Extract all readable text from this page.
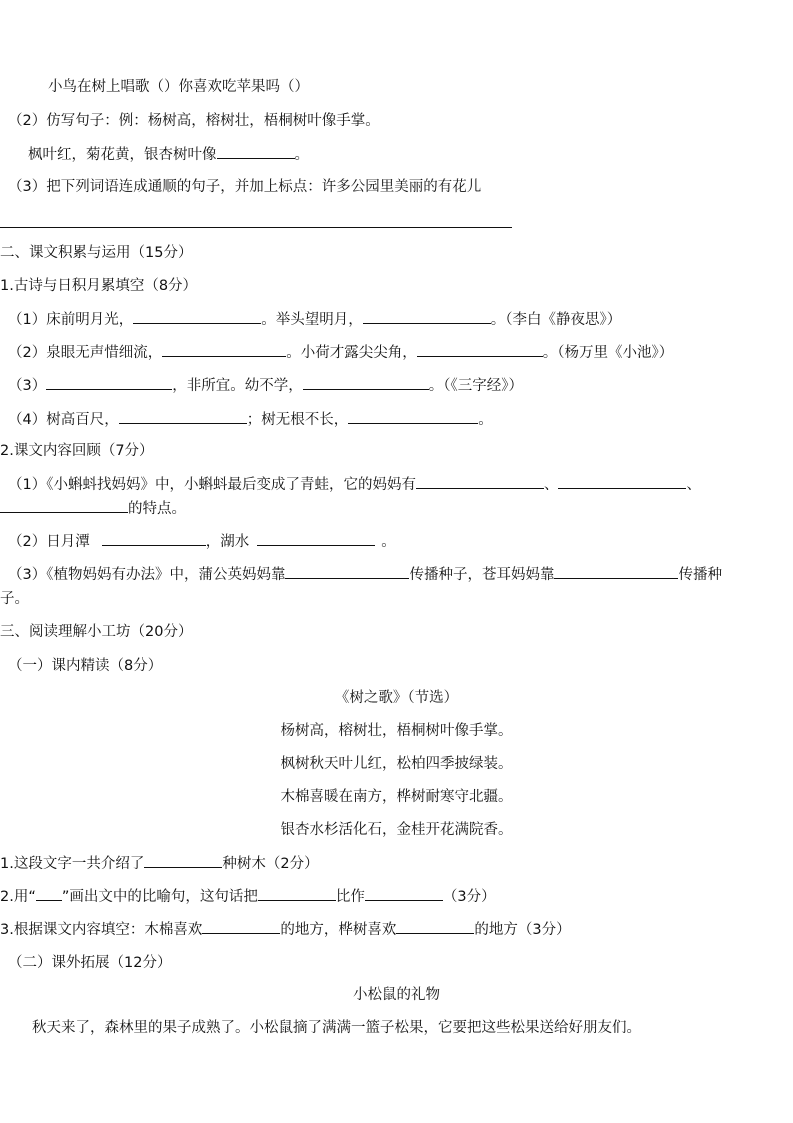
小鸟在树上唱歌（）你喜欢吃苹果吗（）
（2）仿写句子：例：杨树高，榕树壮，梧桐树叶像手掌。
枫叶红，菊花黄，银杏树叶像	。
（3）把下列词语连成通顺的句子，并加上标点：许多公园里美丽的有花儿
二、课文积累与运用（15分）
1.古诗与日积月累填空（8分）
（1）床前明月光，	。举头望明月，	。（李白《静夜思》）
（2）泉眼无声惜细流，	。小荷才露尖尖角，	。（杨万里《小池》）
（3）	，非所宜。幼不学，	。（《三字经》）
（4）树高百尺，	；树无根不长，	。
2.课文内容回顾（7分）
（1）《小蝌蚪找妈妈》中，小蝌蚪最后变成了青蛙，它的妈妈有	、	、
的特点。
（2）日月潭	，湖水	。
（3）《植物妈妈有办法》中，蒲公英妈妈靠	传播种子，苍耳妈妈靠	传播种
子。
三、阅读理解小工坊（20分）
（一）课内精读（8分）
《树之歌》（节选）
杨树高，榕树壮，梧桐树叶像手掌。
枫树秋天叶儿红，松柏四季披绿装。
木棉喜暖在南方，桦树耐寒守北疆。
银杏水杉活化石，金桂开花满院香。
1.这段文字一共介绍了	种树木（2分）
2.用“ ”画出文中的比喻句，这句话把	比作	（3分）
3.根据课文内容填空：木棉喜欢	的地方，桦树喜欢	的地方（3分）
（二）课外拓展（12分）
小松鼠的礼物
秋天来了，森林里的果子成熟了。小松鼠摘了满满一篮子松果，它要把这些松果送给好朋友们。
